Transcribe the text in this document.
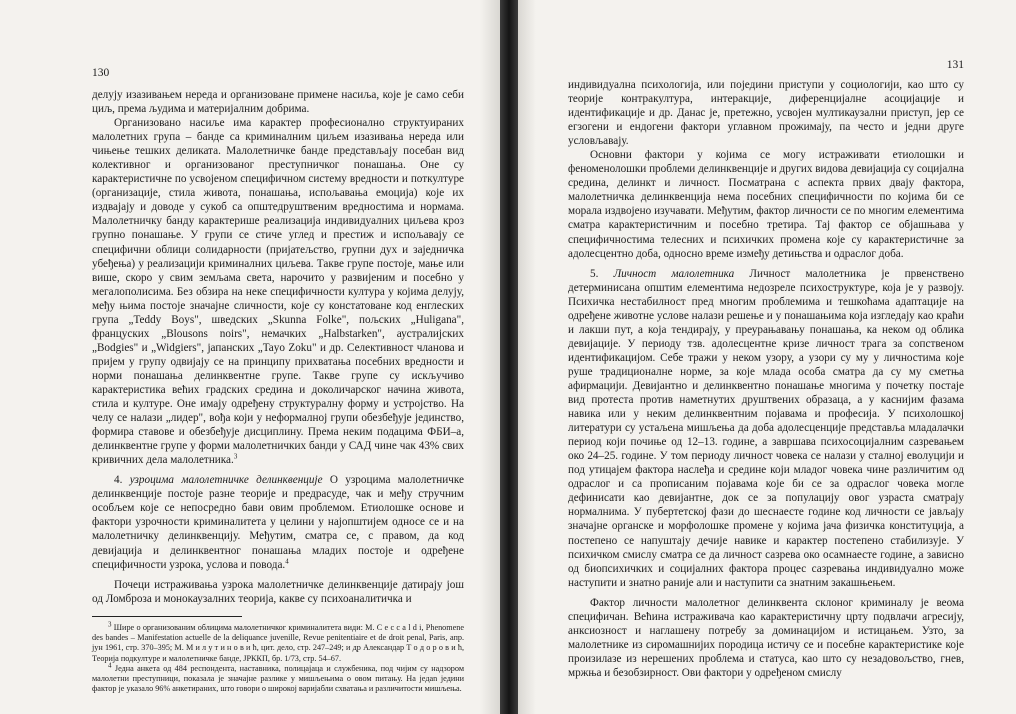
130

делују изазивањем нереда и организоване примене насиља, које је само себи циљ, према људима и материјалним добрима.

Организовано насиље има карактер професионално структуираних малолетних група – банде са криминалним циљем изазивања нереда или чињење тешких деликата. Малолетничке банде представљају посебан вид колективног и организованог преступничког понашања. Оне су карактеристичне по усвојеном специфичном систему вредности и поткултуре (организације, стила живота, понашања, испољавања емоција) које их издвајају и доводе у сукоб са општедруштвеним вредностима и нормама. Малолетничку банду карактерише реализација индивидуалних циљева кроз групно понашање. У групи се стиче углед и престиж и испољавају се специфични облици солидарности (пријатељство, групни дух и заједничка убеђења) у реализацији криминалних циљева. Такве групе постоје, мање или више, скоро у свим земљама света, нарочито у развијеним и посебно у мегалополисима. Без обзира на неке специфичности култура у којима делују, међу њима постоје значајне сличности, које су констатоване код енглеских група „Teddy Boys", шведских „Skunna Folke", пољских „Huligana", француских „Blousons noirs", немачких „Halbstarken", аустралијских „Bodgies" и „Widgiers", јапанских „Tayo Zoku" и др. Селективност чланова и пријем у групу одвијају се на принципу прихватања посебних вредности и норми понашања делинквентне групе. Такве групе су искључиво карактеристика већих градских средина и доколичарског начина живота, стила и културе. Оне имају одређену структуралну форму и устројство. На челу се налази „лидер", вођа који у неформалној групи обезбеђује јединство, формира ставове и обезбеђује дисциплину. Према неким подацима ФБИ–а, делинквентне групе у форми малолетничких банди у САД чине чак 43% свих кривичних дела малолетника.$^3$

4. узроцима малолетничке делинквенције О узроцима малолетничке делинквенције постоје разне теорије и предрасуде, чак и међу стручним особљем које се непосредно бави овим проблемом. Етиолошке основе и фактори узрочности криминалитета у целини у најопштијем односе се и на малолетничку делинквенцију. Међутим, сматра се, с правом, да код девијација и делинквентног понашања младих постоје и одређене специфичности узрока, услова и повода.$^4$

Почеци истраживања узрока малолетничке делинквенције датирају још од Ломброза и монокаузалних теорија, какве су психоаналитичка и

3 Шире о организованим облицима малолетничког криминалитета види: M. C e c c a l d i, Phenomene des bandes – Manifestation actuelle de la deliquance juvenille, Revue penitentiaire et de droit penal, Paris, апр. јун 1961, стр. 370–395; M. М и л у т и н о в и ћ, цит. дело, стр. 247–249; и др Александар Т о д о р о в и ћ, Теорија подкултуре и малолетничке банде, ЈРККП, бр. 1/73, стр. 54–67.

4 Једна анкета од 484 респондента, наставника, полицајаца и службеника, под чијим су надзором малолетни преступници, показала је значајне разлике у мишљењима о овом питању. На једаn једини фактор је указало 96% анкетираних, што говори о широкој варијабли схватања и различитости мишљења.

131

индивидуална психологија, или поједини приступи у социологији, као што су теорије контракултура, интеракције, диференцијалне асоцијације и идентификације и др. Данас је, претежно, усвојен мултикаузални приступ, јер се егзогени и ендогени фактори углавном прожимају, па често и једни друге условљавају.

Основни фактори у којима се могу истраживати етиолошки и феноменолошки проблеми делинквенције и других видова девијација су социјална средина, делинкт и личност. Посматрана с аспекта првих двају фактора, малолетничка делинквенција нема посебних специфичности по којима би се морала издвојено изучавати. Међутим, фактор личности се по многим елементима сматра карактеристичним и посебно третира. Тај фактор се објашњава у специфичностима телесних и психичких промена које су карактеристичне за адолесцентно доба, односно време између детињства и одраслог доба.

5. Личност малолетника Личност малолетника је првенствено детерминисана општим елементима недозреле психоструктуре, која је у развоју. Психичка нестабилност пред многим проблемима и тешкоћама адаптације на одређене животне услове налази решење и у понашањима која изгледају као краћи и лакши пут, а која тендирају, у преурањавању понашања, ка неком од облика девијације. У периоду тзв. адолесцентне кризе личност трага за сопственом идентификацијом. Себе тражи у неком узору, а узори су му у личностима које руше традиционалне норме, за које млада особа сматра да су му сметња афирмацији. Девијантно и делинквентно понашање многима у почетку постаје вид протеста против наметнутих друштвених образаца, а у каснијим фазама навика или у неким делинквентним појавама и професија. У психолошкој литератури су устаљена мишљења да доба адолесценције представља младалачки период који почиње од 12–13. године, а завршава психосоцијалним сазревањем око 24–25. године. У том периоду личност човека се налази у сталној еволуцији и под утицајем фактора наслеђа и средине који младог човека чине различитим од одраслог и са прописаним појавама које би се за одраслог човека могле дефинисати као девијантне, док се за популацију овог узраста сматрају нормалнима. У пубертетској фази до шеснаесте године код личности се јављају значајне органске и морфолошке промене у којима јача физичка конституција, а постепено се напуштају дечије навике и карактер постепено стабилизује. У психичком смислу сматра се да личност сазрева око осамнаесте године, а зависно од биопсихичких и социјалних фактора процес сазревања индивидуално може наступити и знатно раније али и наступити са знатним закашњењем.

Фактор личности малолетног делинквента склоног криминалу је веома специфичан. Већина истраживача као карактеристичну црту подвлачи агресију, анксиозност и наглашену потребу за доминацијом и истицањем. Узто, за малолетнике из сиромашнијих породица истичу се и посебне карактеристике које произилазе из нерешених проблема и статуса, као што су незадовољство, гнев, мржња и безобзирност. Ови фактори у одређеном смислу
